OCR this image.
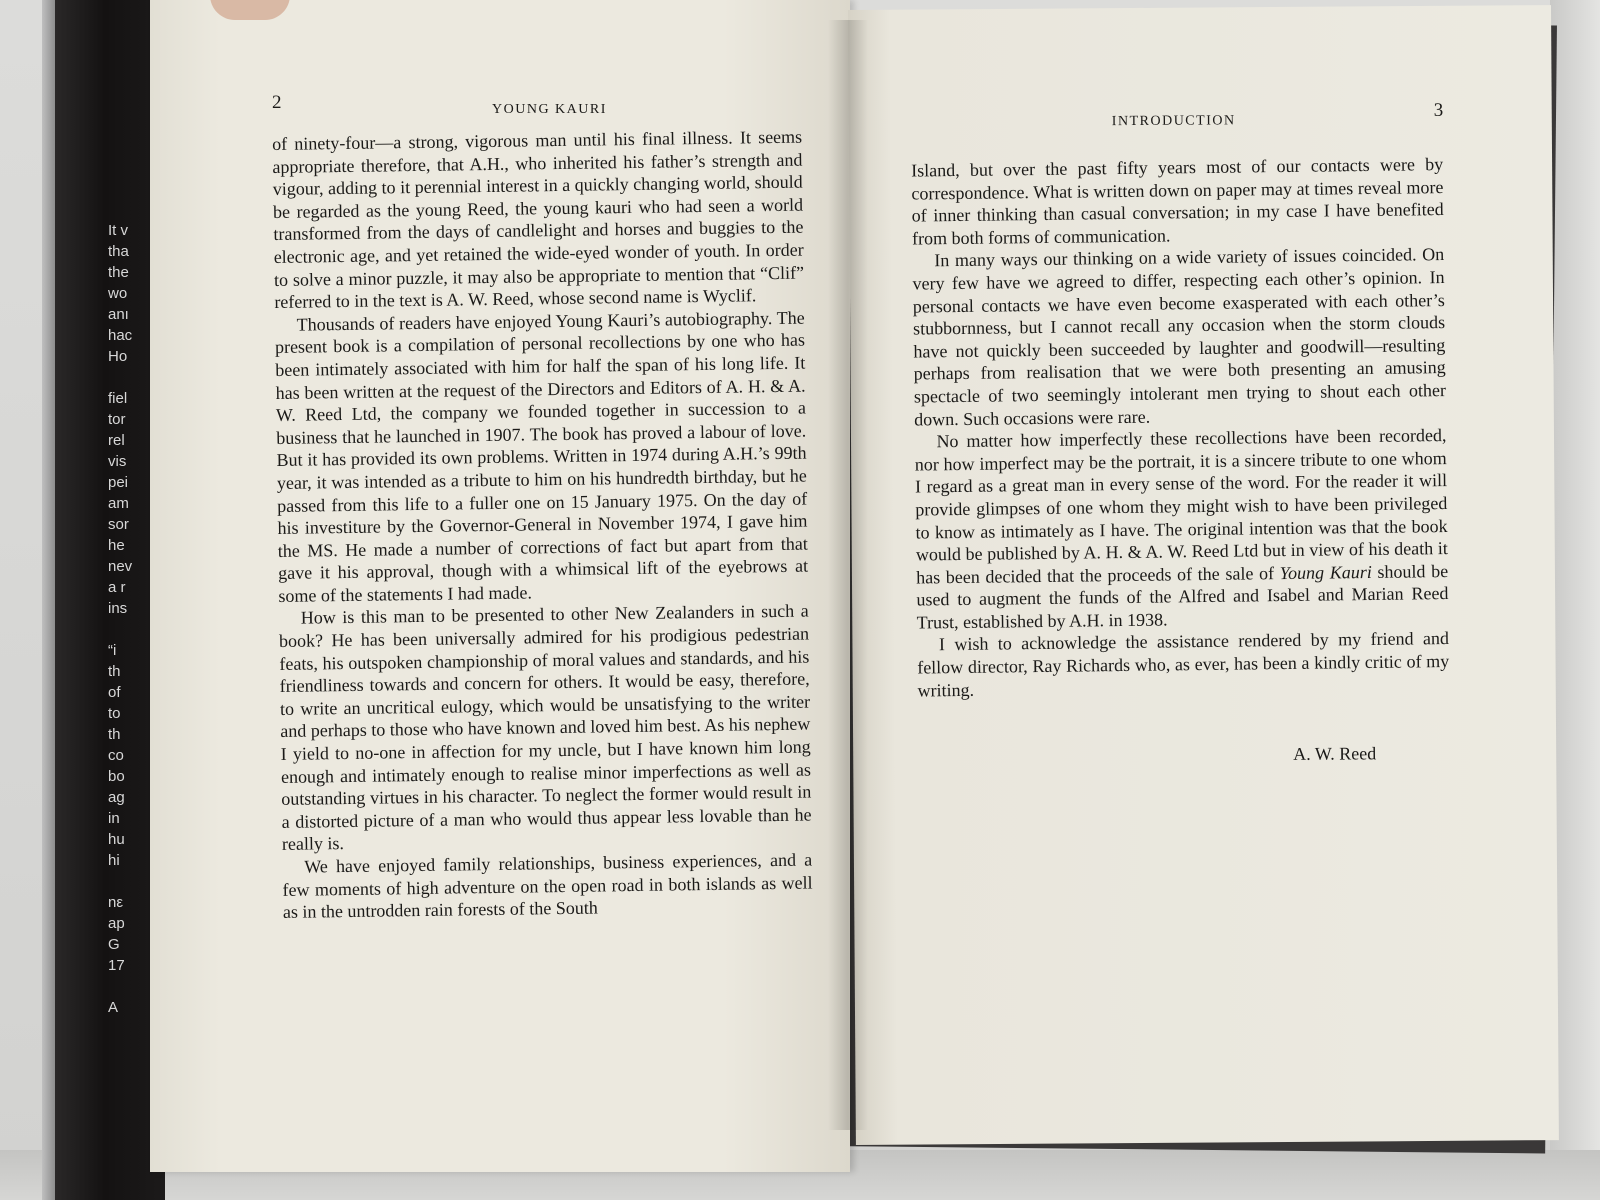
It v
tha
the
wo
anı
hac
Ho
fiel
tor
rel
vis
pei
am
sor
he
nev
a r
ins
“i
th
of
to
th
co
bo
ag
in
hu
hi
nε
ap
G
17
A
2	YOUNG KAURI

of ninety-four—a strong, vigorous man until his final illness. It seems appropriate therefore, that A.H., who inherited his father’s strength and vigour, adding to it perennial interest in a quickly changing world, should be regarded as the young Reed, the young kauri who had seen a world transformed from the days of candlelight and horses and buggies to the electronic age, and yet retained the wide-eyed wonder of youth. In order to solve a minor puzzle, it may also be appropriate to mention that “Clif” referred to in the text is A. W. Reed, whose second name is Wyclif.

Thousands of readers have enjoyed Young Kauri’s autobiography. The present book is a compilation of personal recollections by one who has been intimately associated with him for half the span of his long life. It has been written at the request of the Directors and Editors of A. H. & A. W. Reed Ltd, the company we founded together in succession to a business that he launched in 1907. The book has proved a labour of love. But it has provided its own problems. Written in 1974 during A.H.’s 99th year, it was intended as a tribute to him on his hundredth birthday, but he passed from this life to a fuller one on 15 January 1975. On the day of his investiture by the Governor-General in November 1974, I gave him the MS. He made a number of corrections of fact but apart from that gave it his approval, though with a whimsical lift of the eyebrows at some of the statements I had made.

How is this man to be presented to other New Zealanders in such a book? He has been universally admired for his prodigious pedestrian feats, his outspoken championship of moral values and standards, and his friendliness towards and concern for others. It would be easy, therefore, to write an uncritical eulogy, which would be unsatisfying to the writer and perhaps to those who have known and loved him best. As his nephew I yield to no-one in affection for my uncle, but I have known him long enough and intimately enough to realise minor imperfections as well as outstanding virtues in his character. To neglect the former would result in a distorted picture of a man who would thus appear less lovable than he really is.

We have enjoyed family relationships, business experiences, and a few moments of high adventure on the open road in both islands as well as in the untrodden rain forests of the South

INTRODUCTION
3

Island, but over the past fifty years most of our contacts were by correspondence. What is written down on paper may at times reveal more of inner thinking than casual conversation; in my case I have benefited from both forms of communication.

In many ways our thinking on a wide variety of issues coincided. On very few have we agreed to differ, respecting each other’s opinion. In personal contacts we have even become exasperated with each other’s stubbornness, but I cannot recall any occasion when the storm clouds have not quickly been succeeded by laughter and goodwill—resulting perhaps from realisation that we were both presenting an amusing spectacle of two seemingly intolerant men trying to shout each other down. Such occasions were rare.

No matter how imperfectly these recollections have been recorded, nor how imperfect may be the portrait, it is a sincere tribute to one whom I regard as a great man in every sense of the word. For the reader it will provide glimpses of one whom they might wish to have been privileged to know as intimately as I have. The original intention was that the book would be published by A. H. & A. W. Reed Ltd but in view of his death it has been decided that the proceeds of the sale of Young Kauri should be used to augment the funds of the Alfred and Isabel and Marian Reed Trust, established by A.H. in 1938.

I wish to acknowledge the assistance rendered by my friend and fellow director, Ray Richards who, as ever, has been a kindly critic of my writing.

A. W. Reed
